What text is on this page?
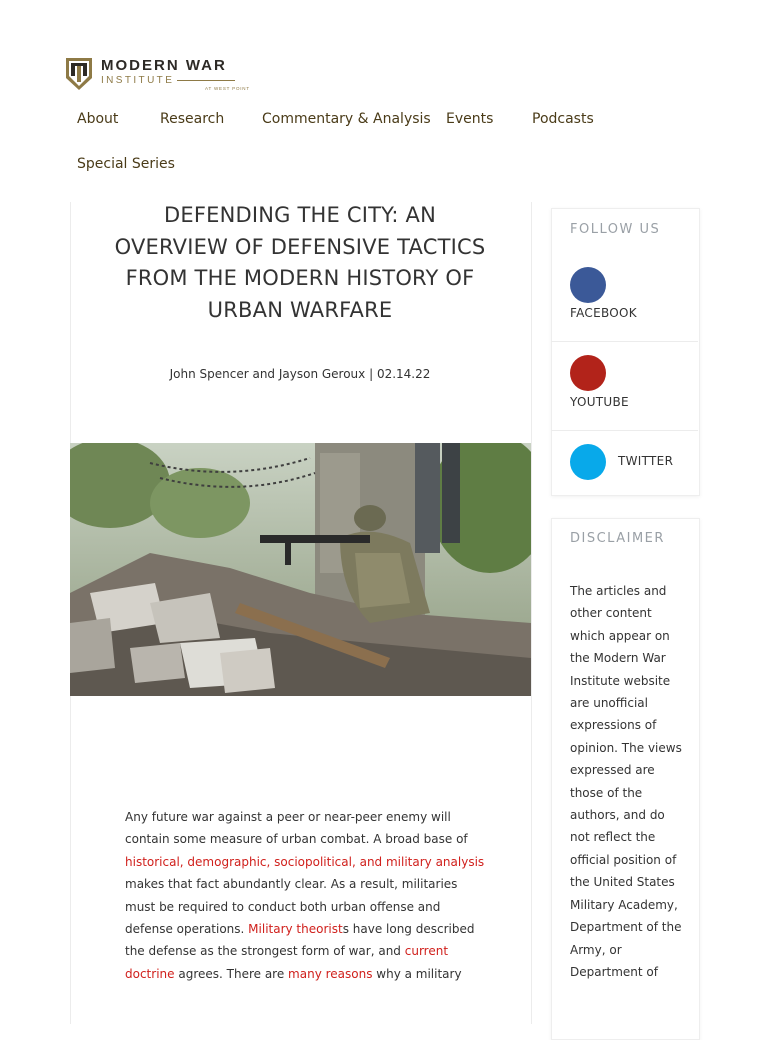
MODERN WAR
INSTITUTE
AT WEST POINT
About	Research	Commentary & Analysis Events	Podcasts
Special Series
DEFENDING THE CITY: AN OVERVIEW OF DEFENSIVE TACTICS FROM THE MODERN HISTORY OF URBAN WARFARE
John Spencer and Jayson Geroux | 02.14.22
Any future war against a peer or near-peer enemy will contain some measure of urban combat. A broad base of historical, demographic, sociopolitical, and military analysis makes that fact abundantly clear. As a result, militaries must be required to conduct both urban offense and defense operations. Military theorists have long described the defense as the strongest form of war, and current doctrine agrees. There are many reasons why a military
FOLLOW US
FACEBOOK
YOUTUBE
TWITTER
DISCLAIMER
The articles and other content which appear on the Modern War Institute website are unofficial expressions of opinion. The views expressed are those of the authors, and do not reflect the official position of the United States Military Academy, Department of the Army, or Department of
